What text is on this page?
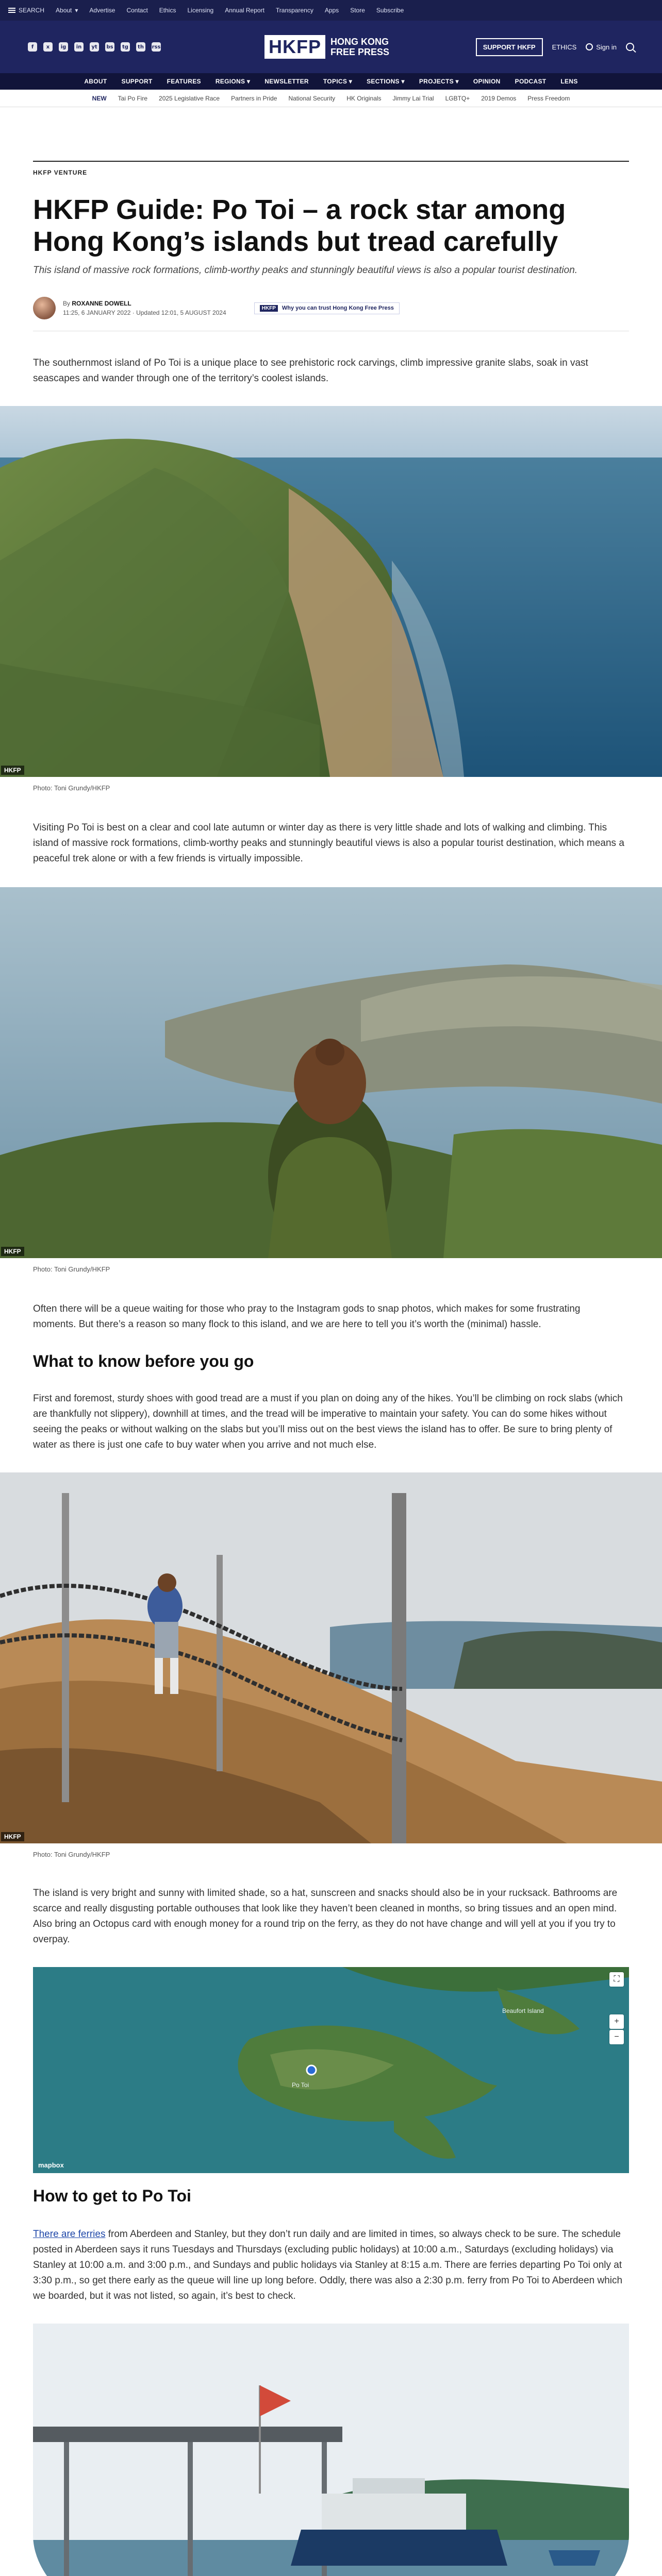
SEARCH About ▾ Advertise Contact Ethics Licensing Annual Report Transparency Apps Store Subscribe
f	x	ig	in	yt	bs	tg	th	rss	HKFP	HONG KONG FREE PRESS	SUPPORT HKFP	ETHICS	Sign in
ABOUT SUPPORT FEATURES REGIONS ▾ NEWSLETTER TOPICS ▾ SECTIONS ▾ PROJECTS ▾ OPINION PODCAST LENS
NEW Tai Po Fire 2025 Legislative Race Partners in Pride National Security HK Originals Jimmy Lai Trial LGBTQ+ 2019 Demos Press Freedom
HKFP VENTURE
HKFP Guide: Po Toi – a rock star among Hong Kong’s islands but tread carefully

This island of massive rock formations, climb-worthy peaks and stunningly beautiful views is also a popular tourist destination.

By ROXANNE DOWELL
11:25, 6 JANUARY 2022 · Updated 12:01, 5 AUGUST 2024
HKFP	Why you can trust Hong Kong Free Press

The southernmost island of Po Toi is a unique place to see prehistoric rock carvings, climb impressive granite slabs, soak in vast seascapes and wander through one of the territory’s coolest islands.

HKFP
Photo: Toni Grundy/HKFP

Visiting Po Toi is best on a clear and cool late autumn or winter day as there is very little shade and lots of walking and climbing. This island of massive rock formations, climb-worthy peaks and stunningly beautiful views is also a popular tourist destination, which means a peaceful trek alone or with a few friends is virtually impossible.

HKFP
Photo: Toni Grundy/HKFP

Often there will be a queue waiting for those who pray to the Instagram gods to snap photos, which makes for some frustrating moments. But there’s a reason so many flock to this island, and we are here to tell you it’s worth the (minimal) hassle.

What to know before you go

First and foremost, sturdy shoes with good tread are a must if you plan on doing any of the hikes. You’ll be climbing on rock slabs (which are thankfully not slippery), downhill at times, and the tread will be imperative to maintain your safety. You can do some hikes without seeing the peaks or without walking on the slabs but you’ll miss out on the best views the island has to offer. Be sure to bring plenty of water as there is just one cafe to buy water when you arrive and not much else.

HKFP
Photo: Toni Grundy/HKFP

The island is very bright and sunny with limited shade, so a hat, sunscreen and snacks should also be in your rucksack. Bathrooms are scarce and really disgusting portable outhouses that look like they haven’t been cleaned in months, so bring tissues and an open mind. Also bring an Octopus card with enough money for a round trip on the ferry, as they do not have change and will yell at you if you try to overpay.

Po Toi
Beaufort Island
⛶
+
−
mapbox
How to get to Po Toi

There are ferries from Aberdeen and Stanley, but they don’t run daily and are limited in times, so always check to be sure. The schedule posted in Aberdeen says it runs Tuesdays and Thursdays (excluding public holidays) at 10:00 a.m., Saturdays (excluding holidays) via Stanley at 10:00 a.m. and 3:00 p.m., and Sundays and public holidays via Stanley at 8:15 a.m. There are ferries departing Po Toi only at 3:30 p.m., so get there early as the queue will line up long before. Oddly, there was also a 2:30 p.m. ferry from Po Toi to Aberdeen which we boarded, but it was not listed, so again, it’s best to check.
